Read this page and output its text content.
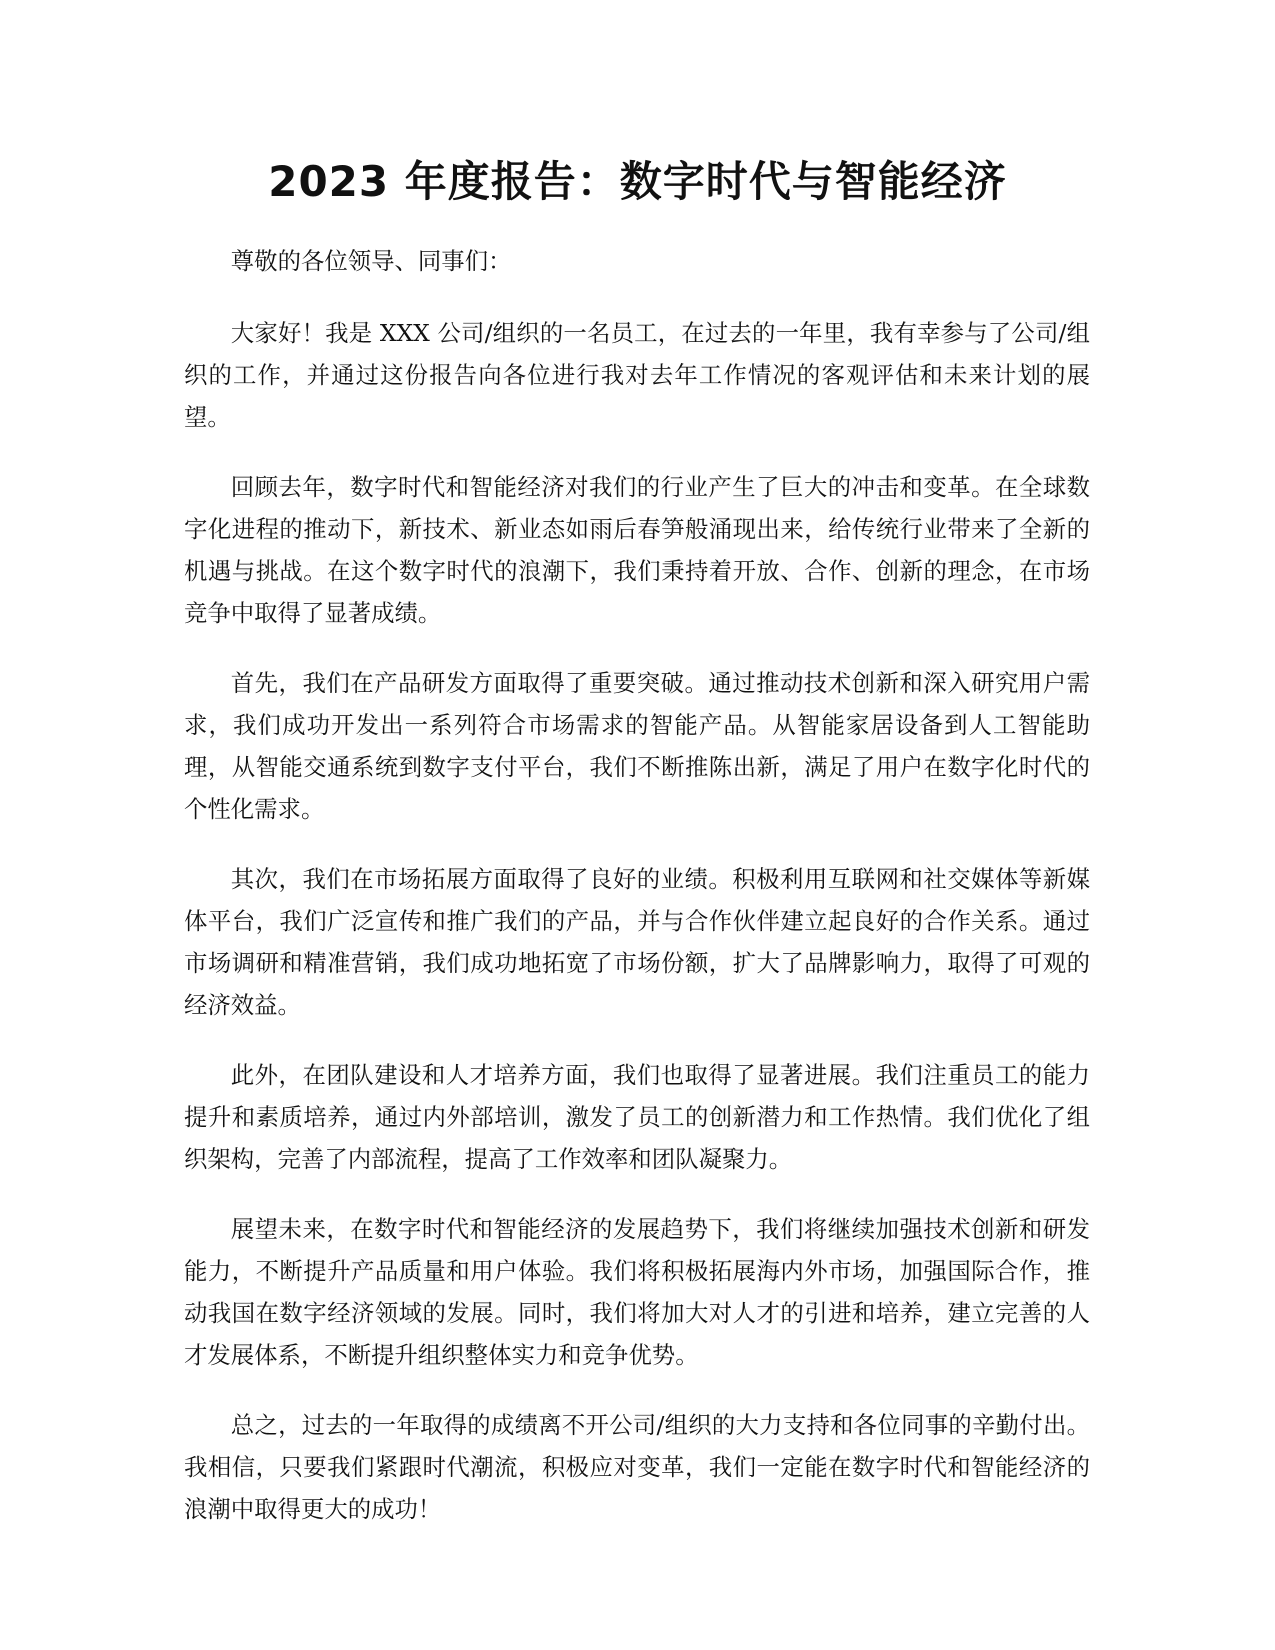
2023 年度报告：数字时代与智能经济

尊敬的各位领导、同事们：

大家好！我是 XXX 公司/组织的一名员工，在过去的一年里，我有幸参与了公司/组织的工作，并通过这份报告向各位进行我对去年工作情况的客观评估和未来计划的展望。

回顾去年，数字时代和智能经济对我们的行业产生了巨大的冲击和变革。在全球数字化进程的推动下，新技术、新业态如雨后春笋般涌现出来，给传统行业带来了全新的机遇与挑战。在这个数字时代的浪潮下，我们秉持着开放、合作、创新的理念，在市场竞争中取得了显著成绩。

首先，我们在产品研发方面取得了重要突破。通过推动技术创新和深入研究用户需求，我们成功开发出一系列符合市场需求的智能产品。从智能家居设备到人工智能助理，从智能交通系统到数字支付平台，我们不断推陈出新，满足了用户在数字化时代的个性化需求。

其次，我们在市场拓展方面取得了良好的业绩。积极利用互联网和社交媒体等新媒体平台，我们广泛宣传和推广我们的产品，并与合作伙伴建立起良好的合作关系。通过市场调研和精准营销，我们成功地拓宽了市场份额，扩大了品牌影响力，取得了可观的经济效益。

此外，在团队建设和人才培养方面，我们也取得了显著进展。我们注重员工的能力提升和素质培养，通过内外部培训，激发了员工的创新潜力和工作热情。我们优化了组织架构，完善了内部流程，提高了工作效率和团队凝聚力。

展望未来，在数字时代和智能经济的发展趋势下，我们将继续加强技术创新和研发能力，不断提升产品质量和用户体验。我们将积极拓展海内外市场，加强国际合作，推动我国在数字经济领域的发展。同时，我们将加大对人才的引进和培养，建立完善的人才发展体系，不断提升组织整体实力和竞争优势。

总之，过去的一年取得的成绩离不开公司/组织的大力支持和各位同事的辛勤付出。我相信，只要我们紧跟时代潮流，积极应对变革，我们一定能在数字时代和智能经济的浪潮中取得更大的成功！
